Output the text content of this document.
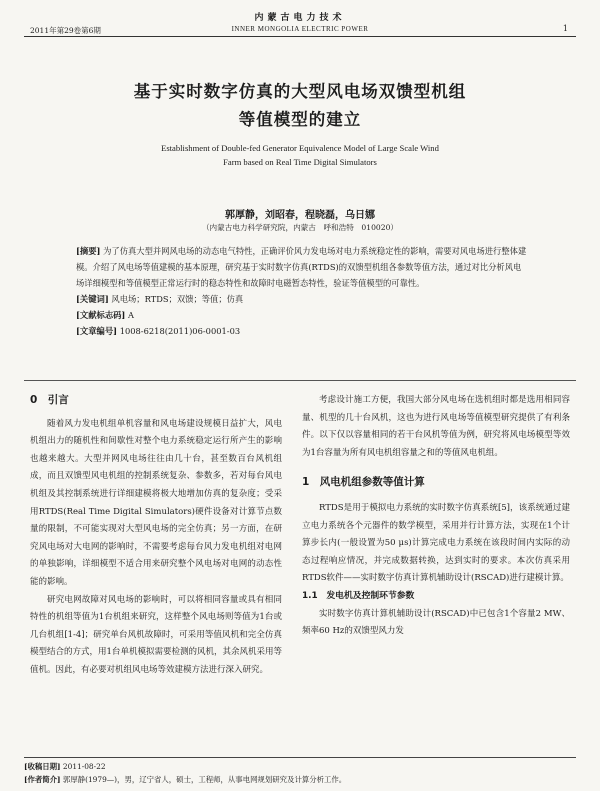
内蒙古电力技术
2011年第29卷第6期	INNER MONGOLIA ELECTRIC POWER	1
基于实时数字仿真的大型风电场双馈型机组
等值模型的建立
Establishment of Double-fed Generator Equivalence Model of Large Scale Wind
Farm based on Real Time Digital Simulators
郭厚静，刘昭春，程晓磊，乌日娜
（内蒙古电力科学研究院，内蒙古　呼和浩特　010020）

[摘要] 为了仿真大型并网风电场的动态电气特性，正确评价风力发电场对电力系统稳定性的影响，需要对风电场进行整体建模。介绍了风电场等值建模的基本原理，研究基于实时数字仿真(RTDS)的双馈型机组各参数等值方法，通过对比分析风电场详细模型和等值模型正常运行时的稳态特性和故障时电磁暂态特性，验证等值模型的可靠性。

[关键词] 风电场；RTDS；双馈；等值；仿真

[文献标志码] A

[文章编号] 1008-6218(2011)06-0001-03

0　引言

随着风力发电机组单机容量和风电场建设规模日益扩大，风电机组出力的随机性和间歇性对整个电力系统稳定运行所产生的影响也越来越大。大型并网风电场往往由几十台，甚至数百台风机组成，而且双馈型风电机组的控制系统复杂、参数多，若对每台风电机组及其控制系统进行详细建模将极大地增加仿真的复杂度；受采用RTDS(Real Time Digital Simulators)硬件设备对计算节点数量的限制，不可能实现对大型风电场的完全仿真；另一方面，在研究风电场对大电网的影响时，不需要考虑每台风力发电机组对电网的单独影响，详细模型不适合用来研究整个风电场对电网的动态性能的影响。

研究电网故障对风电场的影响时，可以将相同容量或具有相同特性的机组等值为1台机组来研究，这样整个风电场则等值为1台或几台机组[1-4]；研究单台风机故障时，可采用等值风机和完全仿真模型结合的方式，用1台单机模拟需要检测的风机，其余风机采用等值机。因此，有必要对机组风电场等效建模方法进行深入研究。

考虑设计施工方便，我国大部分风电场在选机组时都是选用相同容量、机型的几十台风机，这也为进行风电场等值模型研究提供了有利条件。以下仅以容量相同的若干台风机等值为例，研究将风电场模型等效为1台容量为所有风电机组容量之和的等值风电机组。

1　风电机组参数等值计算

RTDS是用于模拟电力系统的实时数字仿真系统[5]，该系统通过建立电力系统各个元器件的数学模型，采用并行计算方法，实现在1个计算步长内(一般设置为50 μs)计算完成电力系统在该段时间内实际的动态过程响应情况，并完成数据转换，达到实时的要求。本次仿真采用RTDS软件——实时数字仿真计算机辅助设计(RSCAD)进行建模计算。

1.1　发电机及控制环节参数

实时数字仿真计算机辅助设计(RSCAD)中已包含1个容量2 MW、频率60 Hz的双馈型风力发

[收稿日期] 2011-08-22
[作者简介] 郭厚静(1979—)，男，辽宁省人，硕士，工程师，从事电网规划研究及计算分析工作。
